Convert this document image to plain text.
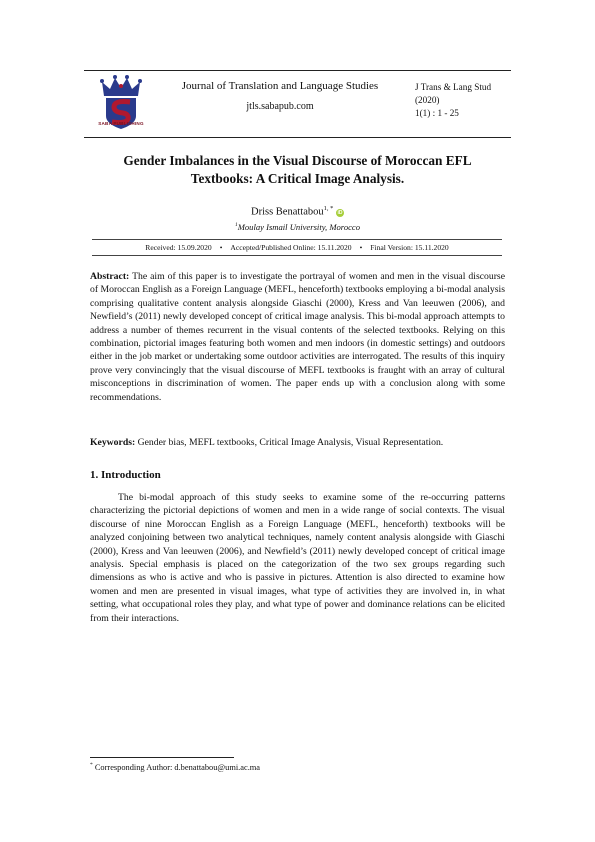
SABA PUBLISHING
Journal of Translation and Language Studies
jtls.sabapub.com
J Trans & Lang Stud
(2020)
1(1) : 1 - 25
Gender Imbalances in the Visual Discourse of Moroccan EFL
Textbooks: A Critical Image Analysis.
Driss Benattabou$^{1, *}$ iD
$^1$Moulay Ismail University, Morocco
Received: 15.09.2020 • Accepted/Published Online: 15.11.2020 • Final Version: 15.11.2020
Abstract: The aim of this paper is to investigate the portrayal of women and men in the visual discourse of Moroccan English as a Foreign Language (MEFL, henceforth) textbooks employing a bi-modal analysis comprising qualitative content analysis alongside Giaschi (2000), Kress and Van leeuwen (2006), and Newfield’s (2011) newly developed concept of critical image analysis. This bi-modal approach attempts to address a number of themes recurrent in the visual contents of the selected textbooks. Relying on this combination, pictorial images featuring both women and men indoors (in domestic settings) and outdoors either in the job market or undertaking some outdoor activities are interrogated. The results of this inquiry prove very convincingly that the visual discourse of MEFL textbooks is fraught with an array of cultural misconceptions in discrimination of women. The paper ends up with a conclusion along with some recommendations.
Keywords: Gender bias, MEFL textbooks, Critical Image Analysis, Visual Representation.
1. Introduction
The bi-modal approach of this study seeks to examine some of the re-occurring patterns characterizing the pictorial depictions of women and men in a wide range of social contexts. The visual discourse of nine Moroccan English as a Foreign Language (MEFL, henceforth) textbooks will be analyzed conjoining between two analytical techniques, namely content analysis alongside with Giaschi (2000), Kress and Van leeuwen (2006), and Newfield’s (2011) newly developed concept of critical image analysis. Special emphasis is placed on the categorization of the two sex groups regarding such dimensions as who is active and who is passive in pictures. Attention is also directed to examine how women and men are presented in visual images, what type of activities they are involved in, in what setting, what occupational roles they play, and what type of power and dominance relations can be elicited from their interactions.
* Corresponding Author: d.benattabou@umi.ac.ma
